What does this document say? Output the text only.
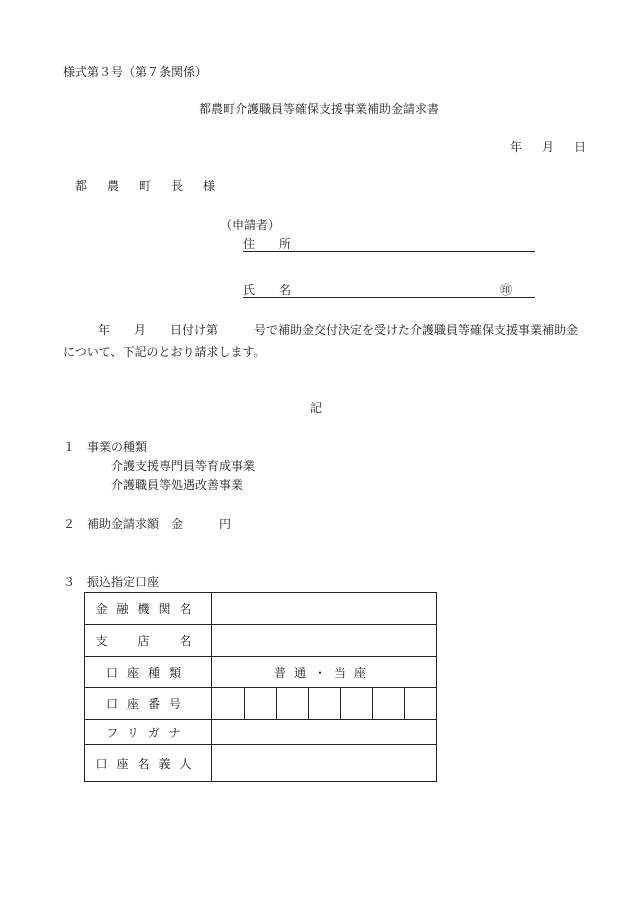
様式第３号（第７条関係）
都農町介護職員等確保支援事業補助金請求書
年　月　日
都　農　町　長　様
（申請者）
住　　所
氏　　名	㊞
年　　月　　日付け第　　　号で補助金交付決定を受けた介護職員等確保支援事業補助金
について、下記のとおり請求します。
記
１　事業の種類
介護支援専門員等育成事業
介護職員等処遇改善事業
２　補助金請求額　金　　　円
３　振込指定口座
金融機関名	
支　店　名	
口座種類	普通・当座
口座番号	

フリガナ	
口座名義人	
